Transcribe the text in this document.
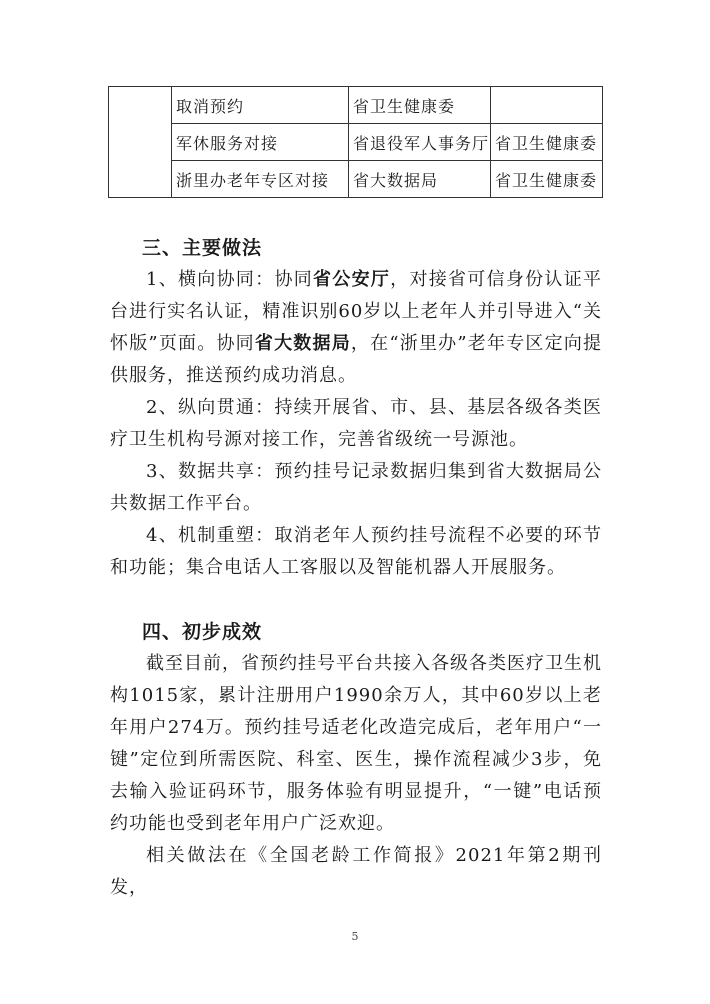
	取消预约	省卫生健康委	
	军休服务对接	省退役军人事务厅	省卫生健康委
	浙里办老年专区对接	省大数据局	省卫生健康委
三、主要做法

1、横向协同：协同省公安厅，对接省可信身份认证平台进行实名认证，精准识别60岁以上老年人并引导进入“关怀版”页面。协同省大数据局，在“浙里办”老年专区定向提供服务，推送预约成功消息。

2、纵向贯通：持续开展省、市、县、基层各级各类医疗卫生机构号源对接工作，完善省级统一号源池。

3、数据共享：预约挂号记录数据归集到省大数据局公共数据工作平台。

4、机制重塑：取消老年人预约挂号流程不必要的环节和功能；集合电话人工客服以及智能机器人开展服务。

四、初步成效

截至目前，省预约挂号平台共接入各级各类医疗卫生机构1015家，累计注册用户1990余万人，其中60岁以上老年用户274万。预约挂号适老化改造完成后，老年用户“一键”定位到所需医院、科室、医生，操作流程减少3步，免去输入验证码环节，服务体验有明显提升，“一键”电话预约功能也受到老年用户广泛欢迎。

相关做法在《全国老龄工作简报》2021年第2期刊发，

5
